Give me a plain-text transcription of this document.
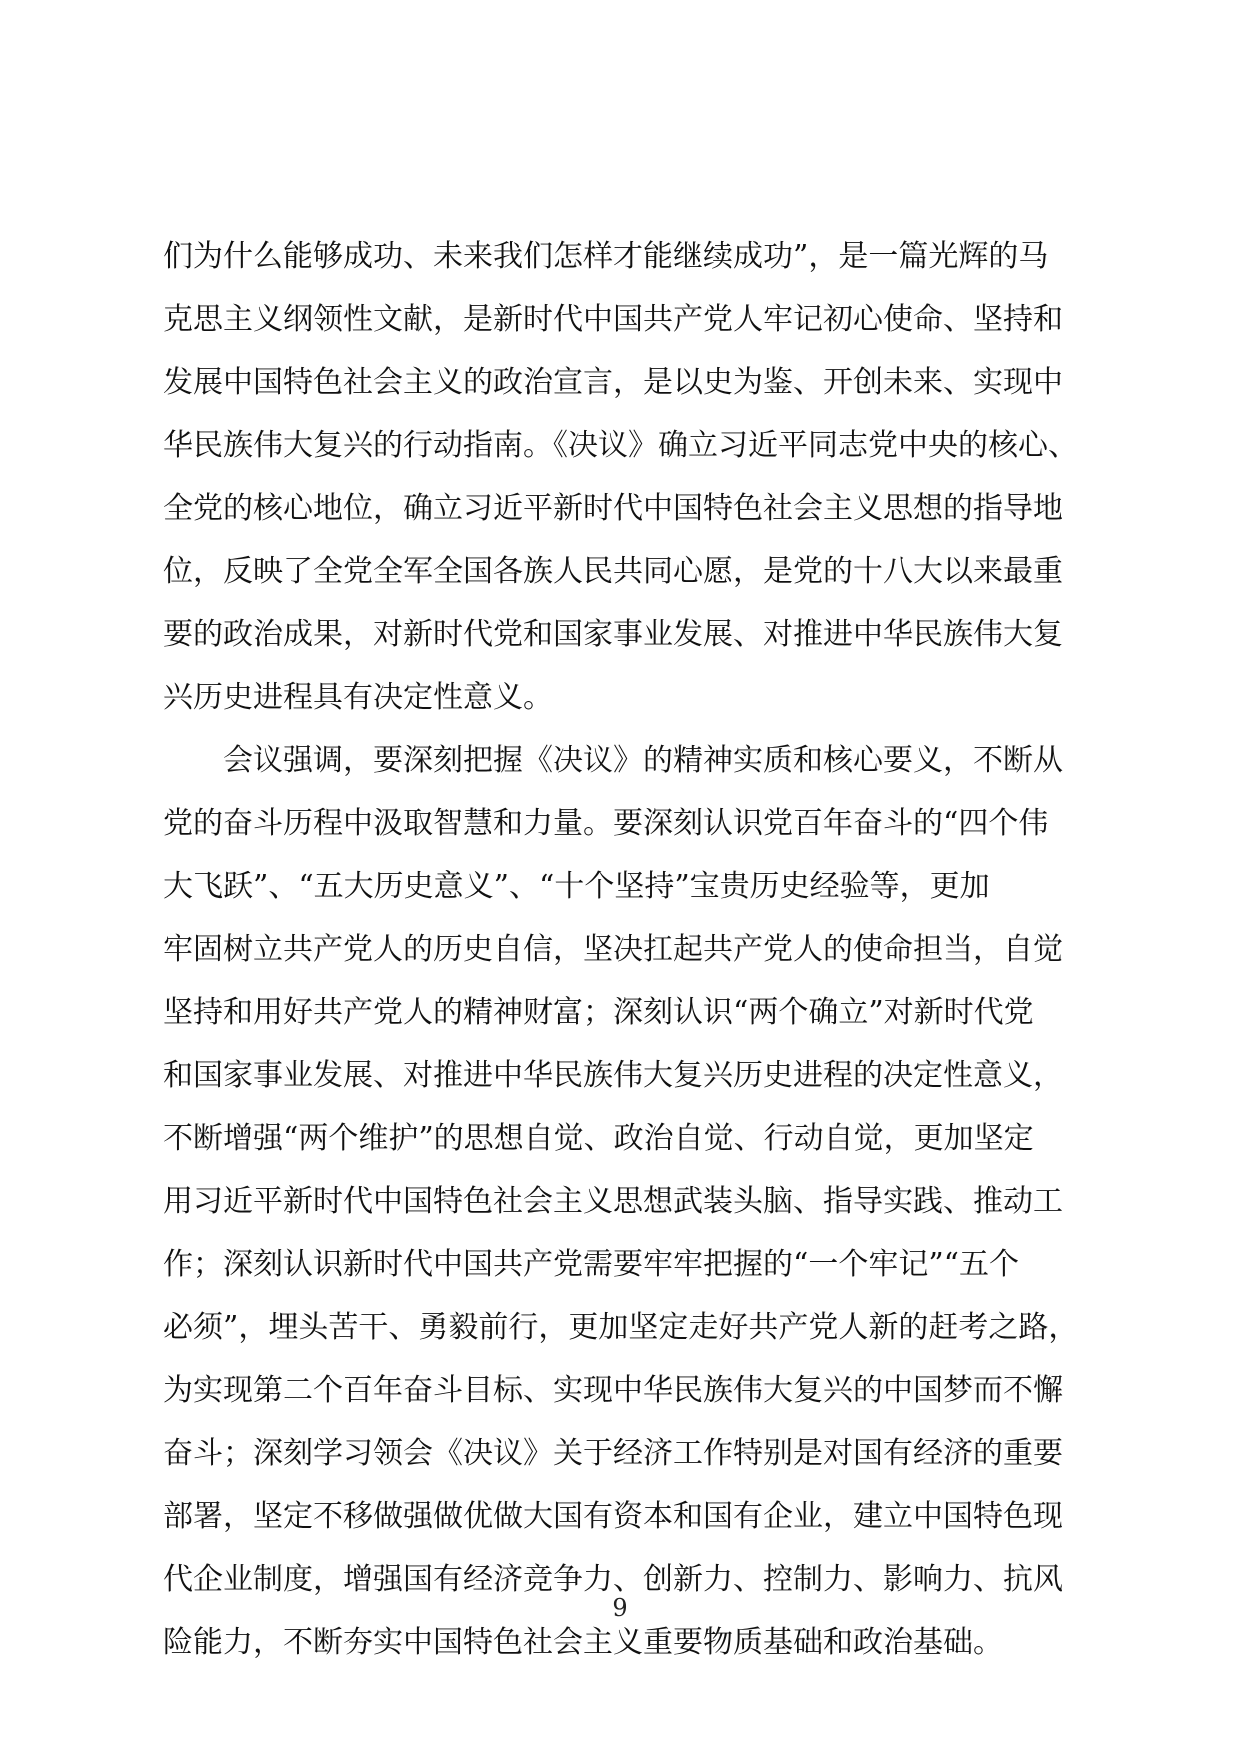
们为什么能够成功、未来我们怎样才能继续成功”，是一篇光辉的马
克思主义纲领性文献，是新时代中国共产党人牢记初心使命、坚持和
发展中国特色社会主义的政治宣言，是以史为鉴、开创未来、实现中
华民族伟大复兴的行动指南。《决议》确立习近平同志党中央的核心、
全党的核心地位，确立习近平新时代中国特色社会主义思想的指导地
位，反映了全党全军全国各族人民共同心愿，是党的十八大以来最重
要的政治成果，对新时代党和国家事业发展、对推进中华民族伟大复
兴历史进程具有决定性意义。
　　会议强调，要深刻把握《决议》的精神实质和核心要义，不断从
党的奋斗历程中汲取智慧和力量。要深刻认识党百年奋斗的“四个伟
大飞跃”、“五大历史意义”、“十个坚持”宝贵历史经验等，更加
牢固树立共产党人的历史自信，坚决扛起共产党人的使命担当，自觉
坚持和用好共产党人的精神财富；深刻认识“两个确立”对新时代党
和国家事业发展、对推进中华民族伟大复兴历史进程的决定性意义，
不断增强“两个维护”的思想自觉、政治自觉、行动自觉，更加坚定
用习近平新时代中国特色社会主义思想武装头脑、指导实践、推动工
作；深刻认识新时代中国共产党需要牢牢把握的“一个牢记”“五个
必须”，埋头苦干、勇毅前行，更加坚定走好共产党人新的赶考之路，
为实现第二个百年奋斗目标、实现中华民族伟大复兴的中国梦而不懈
奋斗；深刻学习领会《决议》关于经济工作特别是对国有经济的重要
部署，坚定不移做强做优做大国有资本和国有企业，建立中国特色现
代企业制度，增强国有经济竞争力、创新力、控制力、影响力、抗风
险能力，不断夯实中国特色社会主义重要物质基础和政治基础。
9
